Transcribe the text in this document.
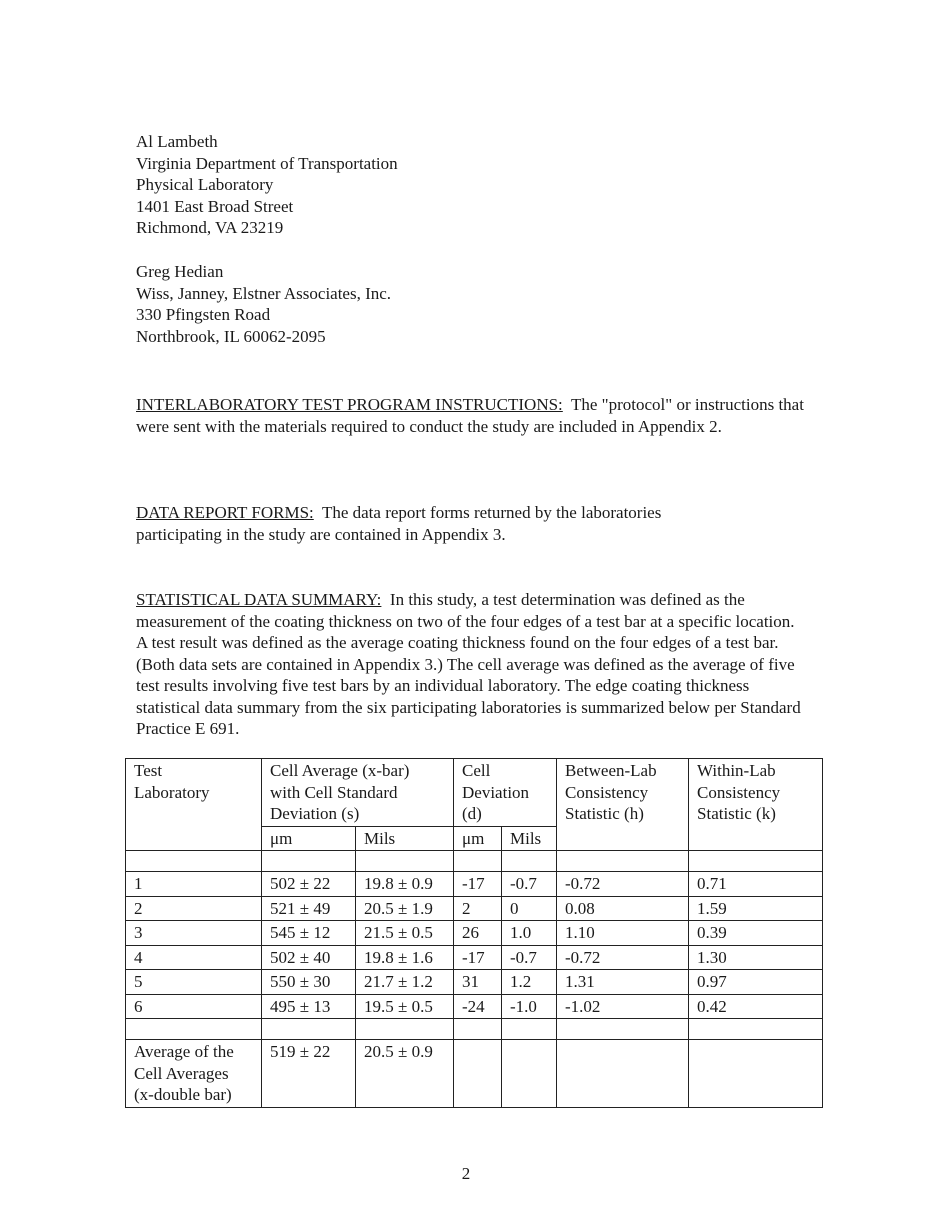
Al Lambeth
Virginia Department of Transportation
Physical Laboratory
1401 East Broad Street
Richmond, VA 23219
Greg Hedian
Wiss, Janney, Elstner Associates, Inc.
330 Pfingsten Road
Northbrook, IL 60062-2095

INTERLABORATORY TEST PROGRAM INSTRUCTIONS: The "protocol" or instructions that were sent with the materials required to conduct the study are included in Appendix 2.

DATA REPORT FORMS: The data report forms returned by the laboratories participating in the study are contained in Appendix 3.

STATISTICAL DATA SUMMARY: In this study, a test determination was defined as the measurement of the coating thickness on two of the four edges of a test bar at a specific location. A test result was defined as the average coating thickness found on the four edges of a test bar. (Both data sets are contained in Appendix 3.) The cell average was defined as the average of five test results involving five test bars by an individual laboratory. The edge coating thickness statistical data summary from the six participating laboratories is summarized below per Standard Practice E 691.

Test
Laboratory	Cell Average (x-bar)
with Cell Standard
Deviation (s)		Cell
Deviation
(d)		Between-Lab
Consistency
Statistic (h)	Within-Lab
Consistency
Statistic (k)

	μm	Mils	μm	Mils		

1	502 ± 22	19.8 ± 0.9	-17	-0.7	-0.72	0.71
2	521 ± 49	20.5 ± 1.9	2	0	0.08	1.59
3	545 ± 12	21.5 ± 0.5	26	1.0	1.10	0.39
4	502 ± 40	19.8 ± 1.6	-17	-0.7	-0.72	1.30
5	550 ± 30	21.7 ± 1.2	31	1.2	1.31	0.97
6	495 ± 13	19.5 ± 0.5	-24	-1.0	-1.02	0.42

Average of the
Cell Averages
(x-double bar)	519 ± 22	20.5 ± 0.9				
2
